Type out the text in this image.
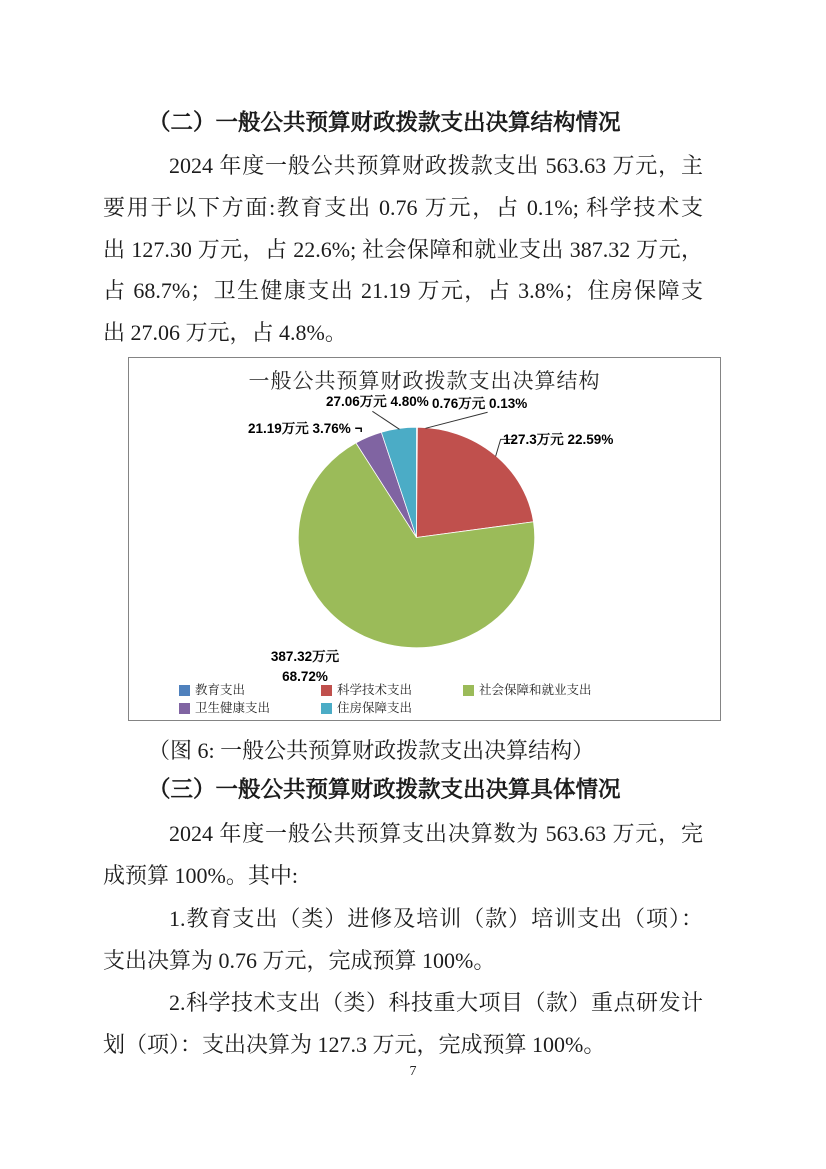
（二）一般公共预算财政拨款支出决算结构情况
2024 年度一般公共预算财政拨款支出 563.63 万元，主
要用于以下方面:教育支出 0.76 万元，占 0.1%; 科学技术支
出 127.30 万元，占 22.6%; 社会保障和就业支出 387.32 万元，
占 68.7%；卫生健康支出 21.19 万元，占 3.8%；住房保障支
出 27.06 万元，占 4.8%。
一般公共预算财政拨款支出决算结构
27.06万元 4.80% 0.76万元 0.13%
21.19万元 3.76% ¬
127.3万元 22.59%
387.32万元
68.72%
教育支出	科学技术支出	社会保障和就业支出
卫生健康支出	住房保障支出
（图 6: 一般公共预算财政拨款支出决算结构）
（三）一般公共预算财政拨款支出决算具体情况
2024 年度一般公共预算支出决算数为 563.63 万元，完
成预算 100%。其中:
1.教育支出（类）进修及培训（款）培训支出（项）：
支出决算为 0.76 万元，完成预算 100%。
2.科学技术支出（类）科技重大项目（款）重点研发计
划（项）：支出决算为 127.3 万元，完成预算 100%。
7
